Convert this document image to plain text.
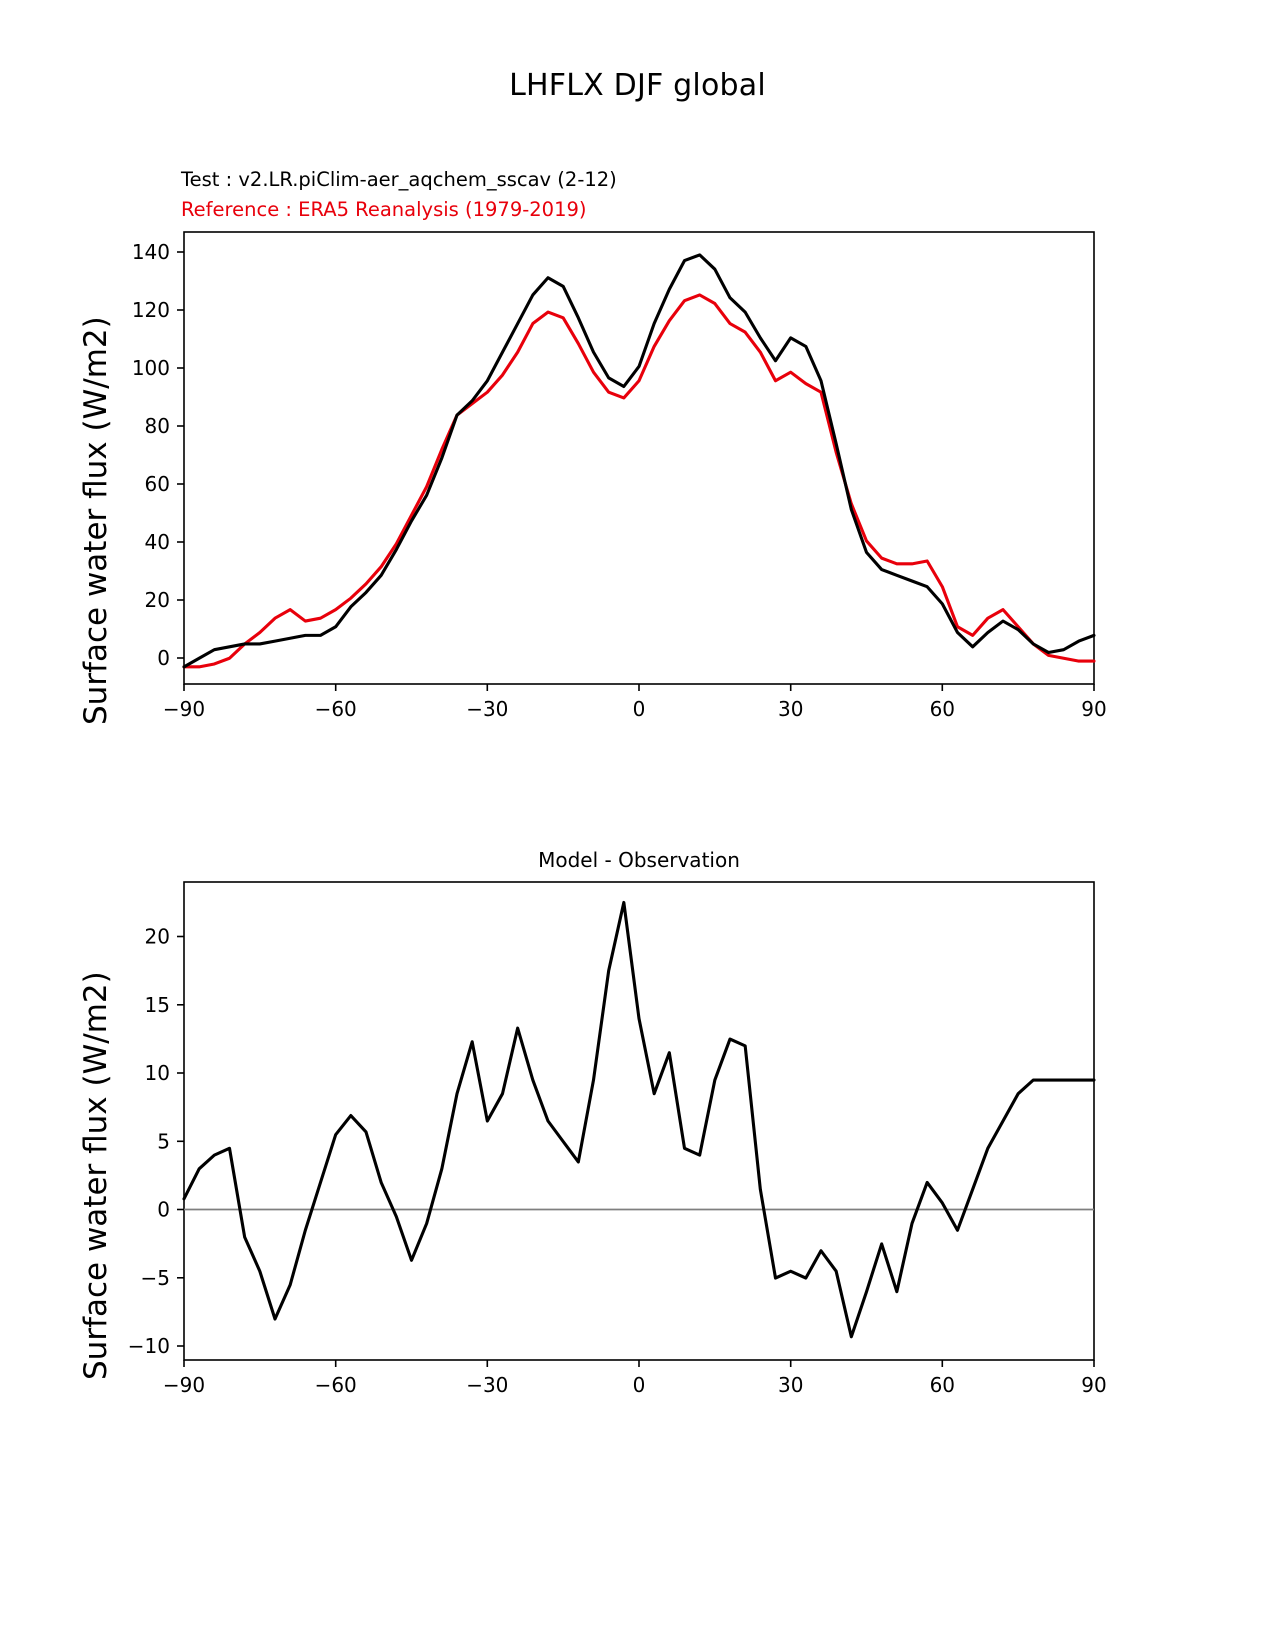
LHFLX DJF global
Test : v2.LR.piClim-aer_aqchem_sscav (2-12)
Reference : ERA5 Reanalysis (1979-2019)
Surface water flux (W/m2) 0
20
40
60
80
100
120
140
−90	−60	−30	0	30	60	90
Model - Observation
Surface water flux (W/m2) −10
−5
0
5
10
15
20
−90	−60	−30	0	30	60	90
